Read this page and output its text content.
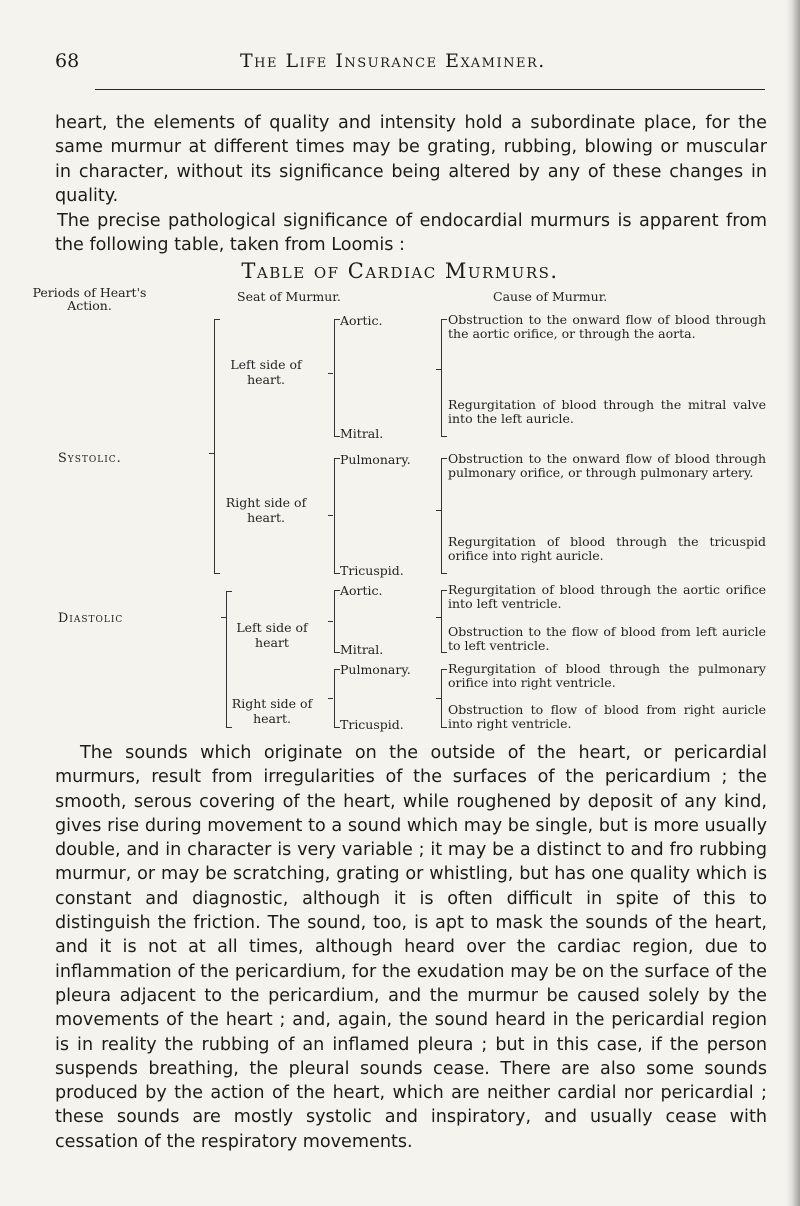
68	The Life Insurance Examiner.

heart, the elements of quality and intensity hold a subordinate place, for the same murmur at different times may be grating, rubbing, blowing or muscular in character, without its significance being altered by any of these changes in quality.

The precise pathological significance of endocardial murmurs is apparent from the following table, taken from Loomis :

Table of Cardiac Murmurs.
Periods of Heart's Action.
Seat of Murmur.	Cause of Murmur.
Systolic.
Left side of heart.
Right side of heart.
Aortic.
Mitral.
Pulmonary.
Tricuspid.
Obstruction to the onward flow of blood through the aortic orifice, or through the aorta.
Regurgitation of blood through the mitral valve into the left auricle.
Obstruction to the onward flow of blood through pulmonary orifice, or through pulmonary artery.
Regurgitation of blood through the tricuspid orifice into right auricle.
Diastolic
Left side of heart
Right side of heart.
Aortic.
Mitral.
Pulmonary.
Tricuspid.
Regurgitation of blood through the aortic orifice into left ventricle.
Obstruction to the flow of blood from left auricle to left ventricle.
Regurgitation of blood through the pulmonary orifice into right ventricle.
Obstruction to flow of blood from right auricle into right ventricle.

The sounds which originate on the outside of the heart, or pericardial murmurs, result from irregularities of the surfaces of the pericardium ; the smooth, serous covering of the heart, while roughened by deposit of any kind, gives rise during movement to a sound which may be single, but is more usually double, and in character is very variable ; it may be a distinct to and fro rubbing murmur, or may be scratching, grating or whistling, but has one quality which is constant and diagnostic, although it is often difficult in spite of this to distinguish the friction. The sound, too, is apt to mask the sounds of the heart, and it is not at all times, although heard over the cardiac region, due to inflammation of the pericardium, for the exudation may be on the surface of the pleura adjacent to the pericardium, and the murmur be caused solely by the movements of the heart ; and, again, the sound heard in the pericardial region is in reality the rubbing of an inflamed pleura ; but in this case, if the person suspends breathing, the pleural sounds cease. There are also some sounds produced by the action of the heart, which are neither cardial nor pericardial ; these sounds are mostly systolic and inspiratory, and usually cease with cessation of the respiratory movements.
